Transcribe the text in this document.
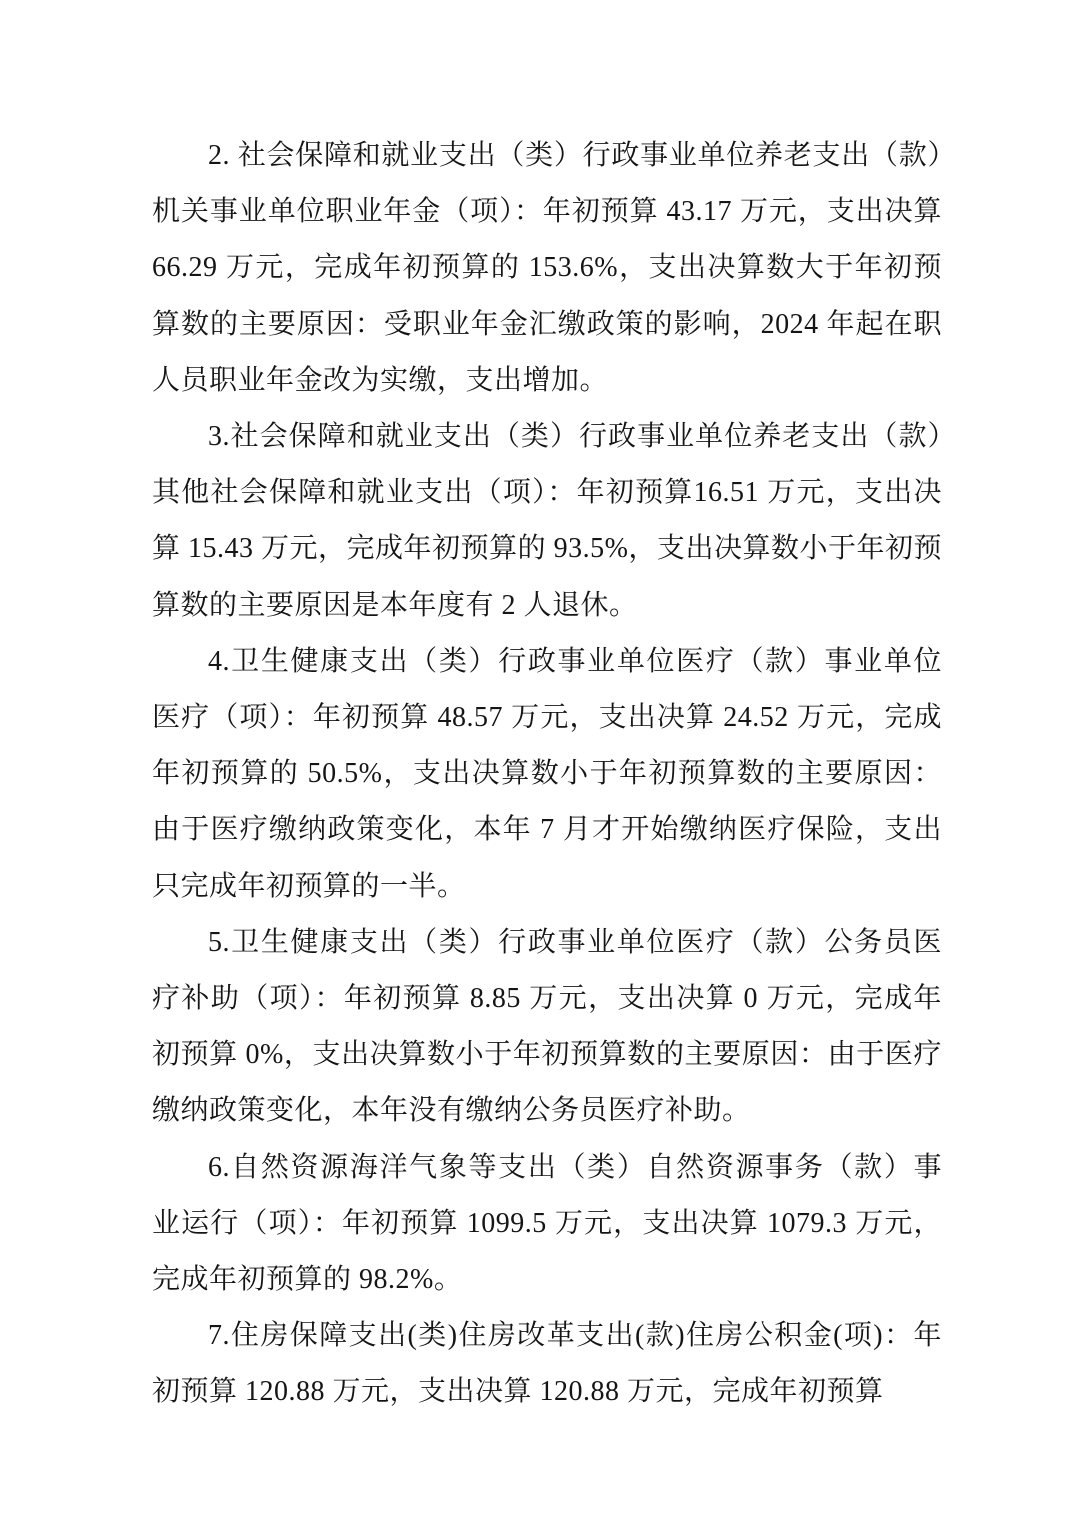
2. 社会保障和就业支出（类）行政事业单位养老支出（款）机关事业单位职业年金（项）：年初预算 43.17 万元，支出决算 66.29 万元，完成年初预算的 153.6%，支出决算数大于年初预算数的主要原因：受职业年金汇缴政策的影响，2024 年起在职人员职业年金改为实缴，支出增加。

3.社会保障和就业支出（类）行政事业单位养老支出（款）其他社会保障和就业支出（项）：年初预算16.51 万元，支出决算 15.43 万元，完成年初预算的 93.5%，支出决算数小于年初预算数的主要原因是本年度有 2 人退休。

4.卫生健康支出（类）行政事业单位医疗（款）事业单位医疗（项）：年初预算 48.57 万元，支出决算 24.52 万元，完成年初预算的 50.5%，支出决算数小于年初预算数的主要原因：由于医疗缴纳政策变化，本年 7 月才开始缴纳医疗保险，支出只完成年初预算的一半。

5.卫生健康支出（类）行政事业单位医疗（款）公务员医疗补助（项）：年初预算 8.85 万元，支出决算 0 万元，完成年初预算 0%，支出决算数小于年初预算数的主要原因：由于医疗缴纳政策变化，本年没有缴纳公务员医疗补助。

6.自然资源海洋气象等支出（类）自然资源事务（款）事业运行（项）：年初预算 1099.5 万元，支出决算 1079.3 万元，完成年初预算的 98.2%。

7.住房保障支出(类)住房改革支出(款)住房公积金(项)：年初预算 120.88 万元，支出决算 120.88 万元，完成年初预算
